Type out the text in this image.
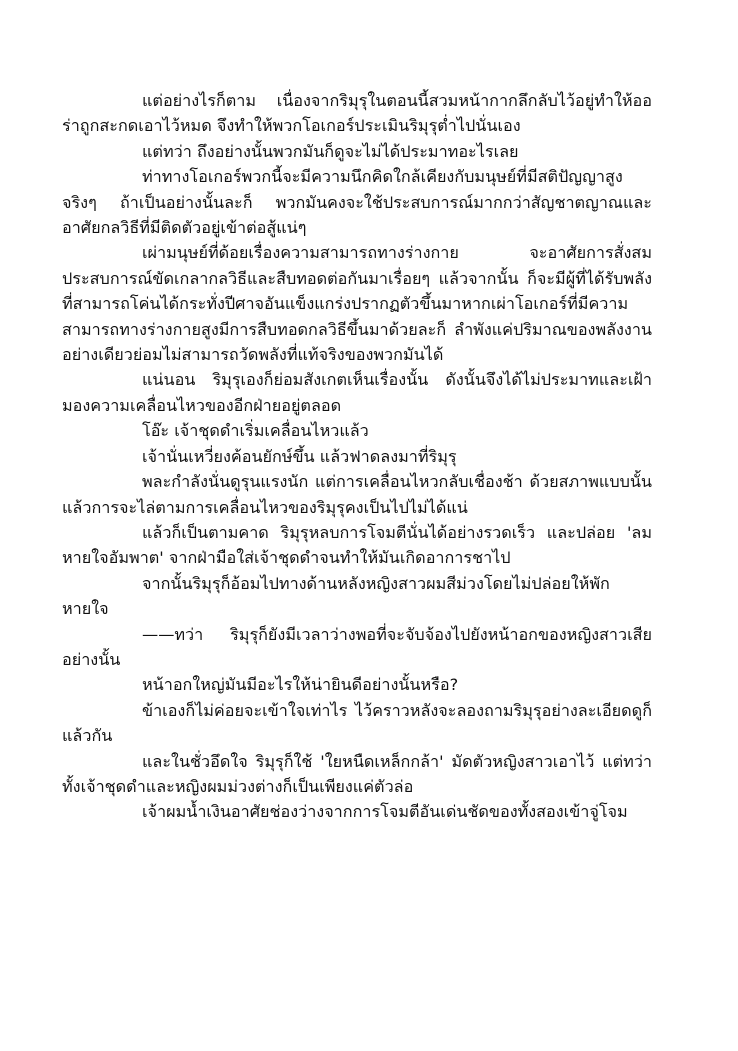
แต่อย่างไรก็ตาม เนื่องจากริมุรุในตอนนี้สวมหน้ากากลึกลับไว้อยู่ทำให้ออร่าถูกสะกดเอาไว้หมด จึงทำให้พวกโอเกอร์ประเมินริมุรุต่ำไปนั่นเอง

แต่ทว่า ถึงอย่างนั้นพวกมันก็ดูจะไม่ได้ประมาทอะไรเลย

ท่าทางโอเกอร์พวกนี้จะมีความนึกคิดใกล้เคียงกับมนุษย์ที่มีสติปัญญาสูงจริงๆ ถ้าเป็นอย่างนั้นละก็ พวกมันคงจะใช้ประสบการณ์มากกว่าสัญชาตญาณและอาศัยกลวิธีที่มีติดตัวอยู่เข้าต่อสู้แน่ๆ

เผ่ามนุษย์ที่ด้อยเรื่องความสามารถทางร่างกาย จะอาศัยการสั่งสมประสบการณ์ขัดเกลากลวิธีและสืบทอดต่อกันมาเรื่อยๆ แล้วจากนั้น ก็จะมีผู้ที่ได้รับพลังที่สามารถโค่นได้กระทั่งปีศาจอันแข็งแกร่งปรากฏตัวขึ้นมาหากเผ่าโอเกอร์ที่มีความสามารถทางร่างกายสูงมีการสืบทอดกลวิธีขึ้นมาด้วยละก็ ลำพังแค่ปริมาณของพลังงานอย่างเดียวย่อมไม่สามารถวัดพลังที่แท้จริงของพวกมันได้

แน่นอน ริมุรุเองก็ย่อมสังเกตเห็นเรื่องนั้น ดังนั้นจึงได้ไม่ประมาทและเฝ้ามองความเคลื่อนไหวของอีกฝ่ายอยู่ตลอด

โอ๊ะ เจ้าชุดดำเริ่มเคลื่อนไหวแล้ว

เจ้านั่นเหวี่ยงค้อนยักษ์ขึ้น แล้วฟาดลงมาที่ริมุรุ

พละกำลังนั่นดูรุนแรงนัก แต่การเคลื่อนไหวกลับเชื่องช้า ด้วยสภาพแบบนั้นแล้วการจะไล่ตามการเคลื่อนไหวของริมุรุคงเป็นไปไม่ได้แน่

แล้วก็เป็นตามคาด ริมุรุหลบการโจมตีนั่นได้อย่างรวดเร็ว และปล่อย 'ลมหายใจอัมพาต' จากฝ่ามือใส่เจ้าชุดดำจนทำให้มันเกิดอาการชาไป

จากนั้นริมุรุก็อ้อมไปทางด้านหลังหญิงสาวผมสีม่วงโดยไม่ปล่อยให้พักหายใจ

——ทว่า ริมุรุก็ยังมีเวลาว่างพอที่จะจับจ้องไปยังหน้าอกของหญิงสาวเสียอย่างนั้น

หน้าอกใหญ่มันมีอะไรให้น่ายินดีอย่างนั้นหรือ?

ข้าเองก็ไม่ค่อยจะเข้าใจเท่าไร ไว้คราวหลังจะลองถามริมุรุอย่างละเอียดดูก็แล้วกัน

และในชั่วอึดใจ ริมุรุก็ใช้ 'ใยหนืดเหล็กกล้า' มัดตัวหญิงสาวเอาไว้ แต่ทว่า ทั้งเจ้าชุดดำและหญิงผมม่วงต่างก็เป็นเพียงแค่ตัวล่อ

เจ้าผมน้ำเงินอาศัยช่องว่างจากการโจมตีอันเด่นชัดของทั้งสองเข้าจู่โจม
